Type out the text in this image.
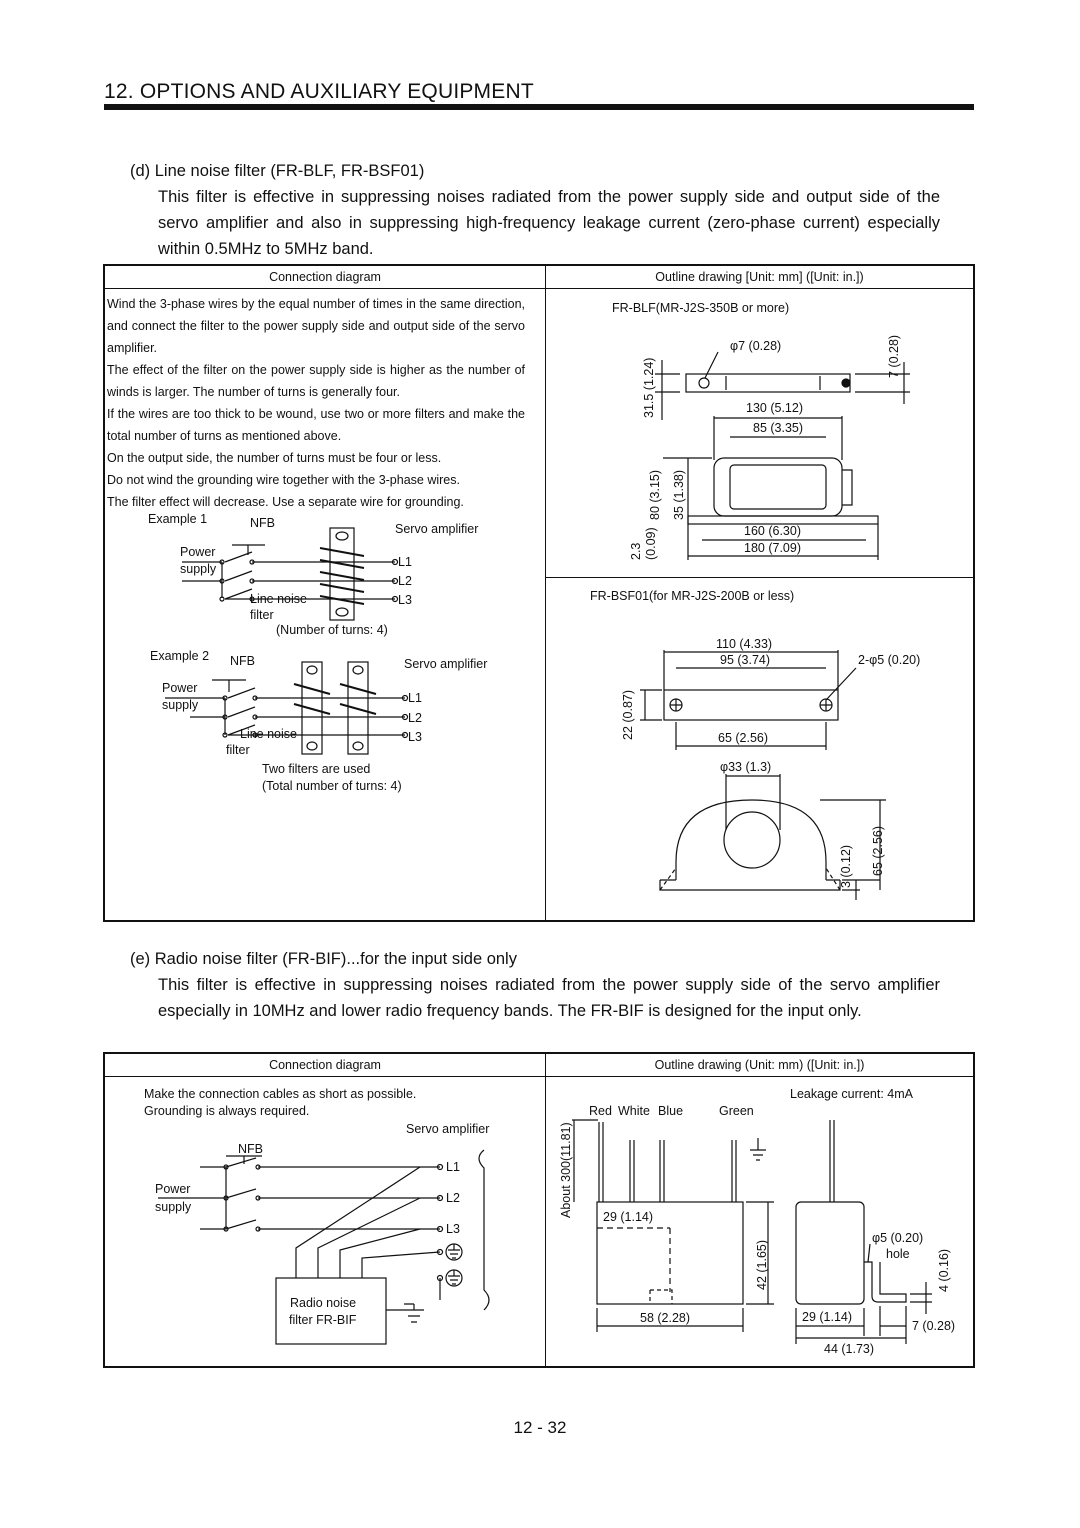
12. OPTIONS AND AUXILIARY EQUIPMENT
(d) Line noise filter (FR-BLF, FR-BSF01)
This filter is effective in suppressing noises radiated from the power supply side and output side of the servo amplifier and also in suppressing high-frequency leakage current (zero-phase current) especially within 0.5MHz to 5MHz band.
Connection diagram	Outline drawing [Unit: mm] ([Unit: in.])
Wind the 3-phase wires by the equal number of times in the same direction, and connect the filter to the power supply side and output side of the servo amplifier.
The effect of the filter on the power supply side is higher as the number of winds is larger. The number of turns is generally four.
If the wires are too thick to be wound, use two or more filters and make the total number of turns as mentioned above.
On the output side, the number of turns must be four or less.
Do not wind the grounding wire together with the 3-phase wires.
The filter effect will decrease. Use a separate wire for grounding.
Example 1	NFB	Servo amplifier
Power
supply	L1
L2
L3
Line noise
filter
(Number of turns: 4)
Example 2 NFB	Servo amplifier
Power
supply	L1
L2
L3
Line noise
filter
Two filters are used
(Total number of turns: 4)
FR-BLF(MR-J2S-350B or more)
φ7 (0.28)
31.5 (1.24)
7 (0.28)
130 (5.12)
85 (3.35)
80 (3.15) 35 (1.38)
160 (6.30)
180 (7.09)
2.3 (0.09)
FR-BSF01(for MR-J2S-200B or less)
110 (4.33)
95 (3.74)	2-φ5 (0.20)
22 (0.87)	65 (2.56)
φ33 (1.3)
3 (0.12) 65 (2.56)
(e) Radio noise filter (FR-BIF)...for the input side only
This filter is effective in suppressing noises radiated from the power supply side of the servo amplifier especially in 10MHz and lower radio frequency bands. The FR-BIF is designed for the input only.
Connection diagram	Outline drawing (Unit: mm) ([Unit: in.])
Make the connection cables as short as possible.
Grounding is always required.
Servo amplifier
NFB
Power
supply
L1
L2
L3
Radio noise
filter FR-BIF
Leakage current: 4mA
Red White Blue	Green
About 300(11.81) 29 (1.14)
42 (1.65)
58 (2.28)
φ5 (0.20)
hole 4 (0.16)
29 (1.14)
7 (0.28)
44 (1.73)
12 - 32
